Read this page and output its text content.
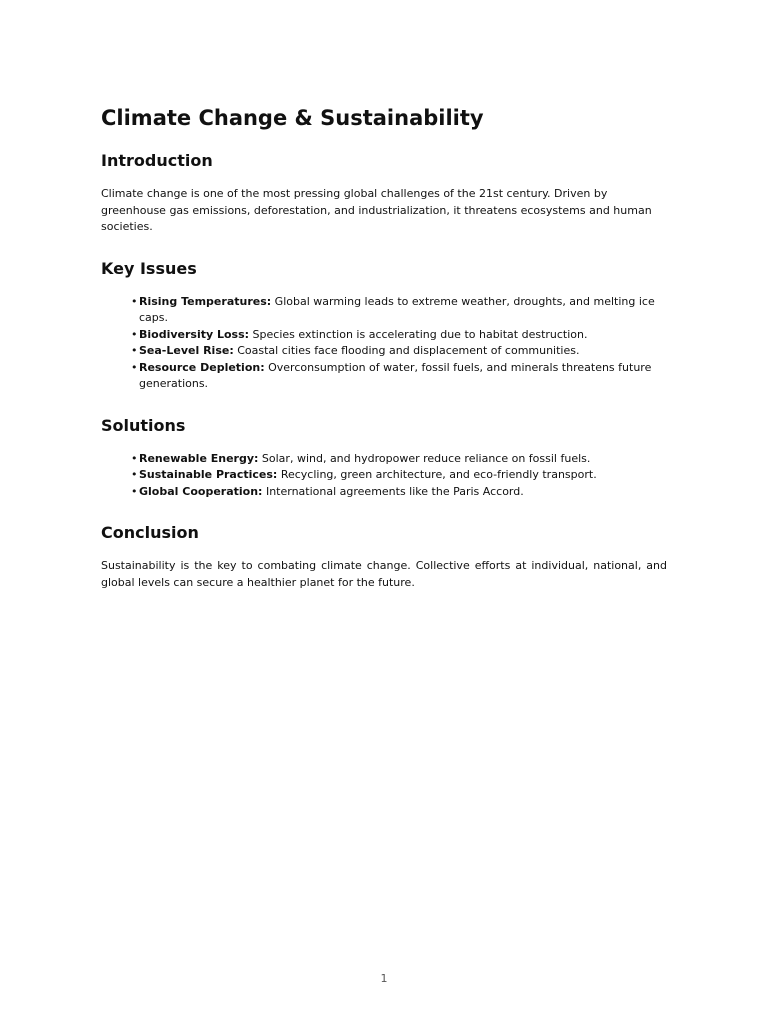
Climate Change & Sustainability
Introduction

Climate change is one of the most pressing global challenges of the 21st century. Driven by greenhouse gas emissions, deforestation, and industrialization, it threatens ecosystems and human societies.

Key Issues
• Rising Temperatures: Global warming leads to extreme weather, droughts, and melting ice caps.
• Biodiversity Loss: Species extinction is accelerating due to habitat destruction.
• Sea-Level Rise: Coastal cities face flooding and displacement of communities.
• Resource Depletion: Overconsumption of water, fossil fuels, and minerals threatens future generations.
Solutions
• Renewable Energy: Solar, wind, and hydropower reduce reliance on fossil fuels.
• Sustainable Practices: Recycling, green architecture, and eco-friendly transport.
• Global Cooperation: International agreements like the Paris Accord.
Conclusion

Sustainability is the key to combating climate change. Collective efforts at individual, national, and global levels can secure a healthier planet for the future.

1
